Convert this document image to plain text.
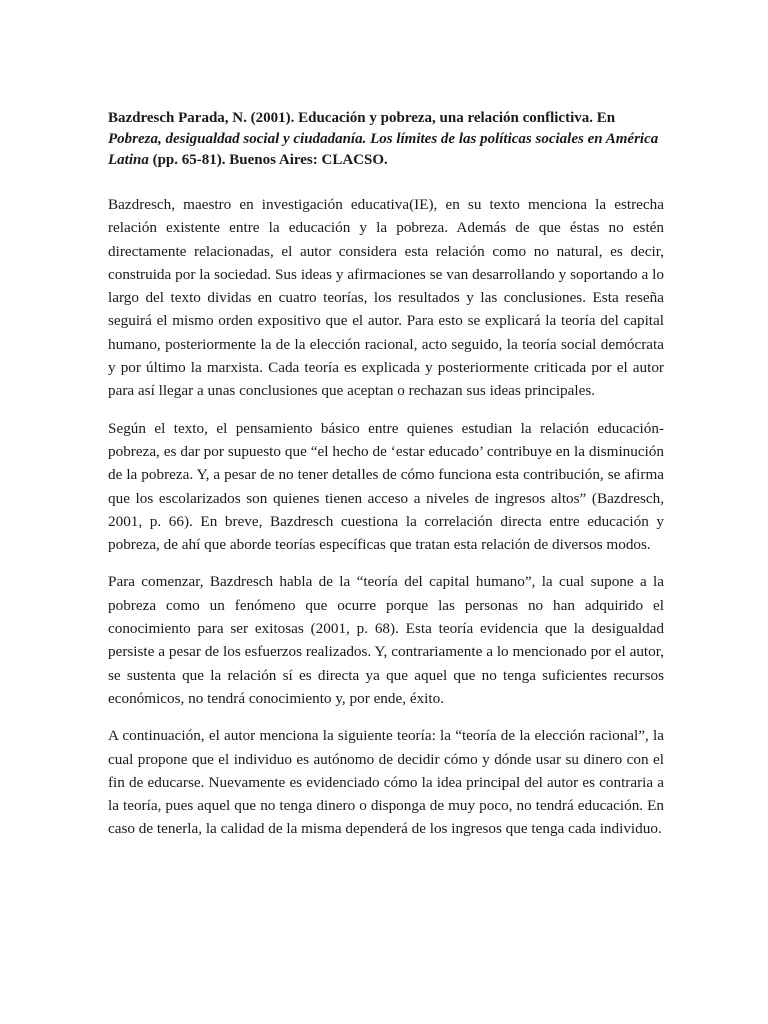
Bazdresch Parada, N. (2001). Educación y pobreza, una relación conflictiva. En Pobreza, desigualdad social y ciudadanía. Los límites de las políticas sociales en América Latina (pp. 65-81). Buenos Aires: CLACSO.

Bazdresch, maestro en investigación educativa(IE), en su texto menciona la estrecha relación existente entre la educación y la pobreza. Además de que éstas no estén directamente relacionadas, el autor considera esta relación como no natural, es decir, construida por la sociedad. Sus ideas y afirmaciones se van desarrollando y soportando a lo largo del texto dividas en cuatro teorías, los resultados y las conclusiones. Esta reseña seguirá el mismo orden expositivo que el autor. Para esto se explicará la teoría del capital humano, posteriormente la de la elección racional, acto seguido, la teoría social demócrata y por último la marxista. Cada teoría es explicada y posteriormente criticada por el autor para así llegar a unas conclusiones que aceptan o rechazan sus ideas principales.

Según el texto, el pensamiento básico entre quienes estudian la relación educación-pobreza, es dar por supuesto que “el hecho de ‘estar educado’ contribuye en la disminución de la pobreza. Y, a pesar de no tener detalles de cómo funciona esta contribución, se afirma que los escolarizados son quienes tienen acceso a niveles de ingresos altos” (Bazdresch, 2001, p. 66). En breve, Bazdresch cuestiona la correlación directa entre educación y pobreza, de ahí que aborde teorías específicas que tratan esta relación de diversos modos.

Para comenzar, Bazdresch habla de la “teoría del capital humano”, la cual supone a la pobreza como un fenómeno que ocurre porque las personas no han adquirido el conocimiento para ser exitosas (2001, p. 68). Esta teoría evidencia que la desigualdad persiste a pesar de los esfuerzos realizados. Y, contrariamente a lo mencionado por el autor, se sustenta que la relación sí es directa ya que aquel que no tenga suficientes recursos económicos, no tendrá conocimiento y, por ende, éxito.

A continuación, el autor menciona la siguiente teoría: la “teoría de la elección racional”, la cual propone que el individuo es autónomo de decidir cómo y dónde usar su dinero con el fin de educarse. Nuevamente es evidenciado cómo la idea principal del autor es contraria a la teoría, pues aquel que no tenga dinero o disponga de muy poco, no tendrá educación. En caso de tenerla, la calidad de la misma dependerá de los ingresos que tenga cada individuo.
